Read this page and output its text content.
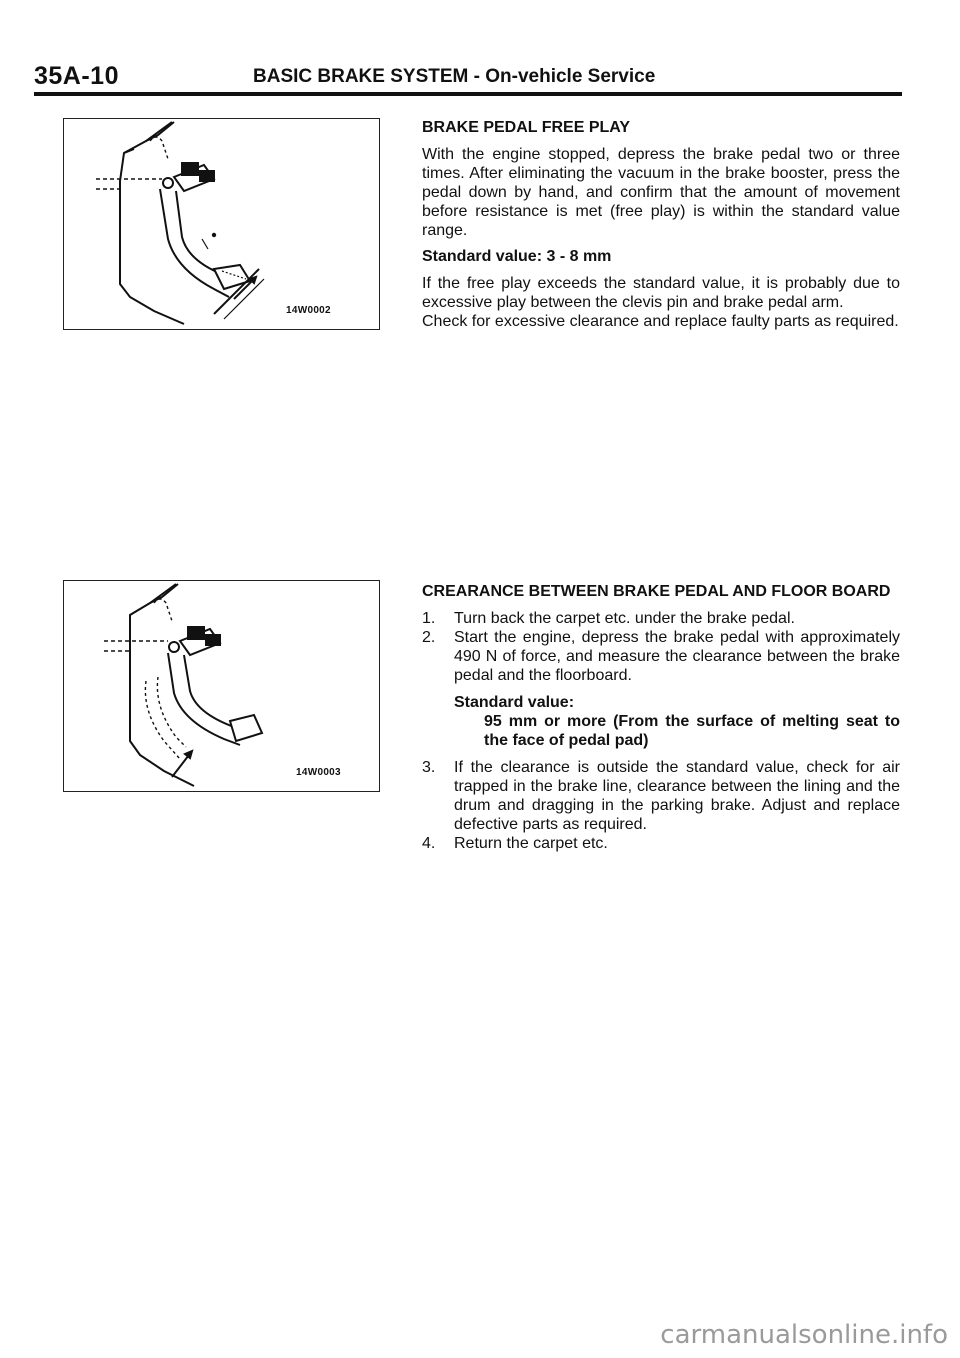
35A-10	BASIC BRAKE SYSTEM - On-vehicle Service
14W0002
14W0003
BRAKE PEDAL FREE PLAY

With the engine stopped, depress the brake pedal two or three times. After eliminating the vacuum in the brake booster, press the pedal down by hand, and confirm that the amount of movement before resistance is met (free play) is within the standard value range.

Standard value: 3 - 8 mm

If the free play exceeds the standard value, it is probably due to excessive play between the clevis pin and brake pedal arm.

Check for excessive clearance and replace faulty parts as required.

CREARANCE BETWEEN BRAKE PEDAL AND FLOOR BOARD
1. Turn back the carpet etc. under the brake pedal.
2. Start the engine, depress the brake pedal with approximately 490 N of force, and measure the clearance between the brake pedal and the floorboard.
Standard value:
95 mm or more (From the surface of melting seat to the face of pedal pad)
3. If the clearance is outside the standard value, check for air trapped in the brake line, clearance between the lining and the drum and dragging in the parking brake. Adjust and replace defective parts as required.
4. Return the carpet etc.
carmanualsonline.info
